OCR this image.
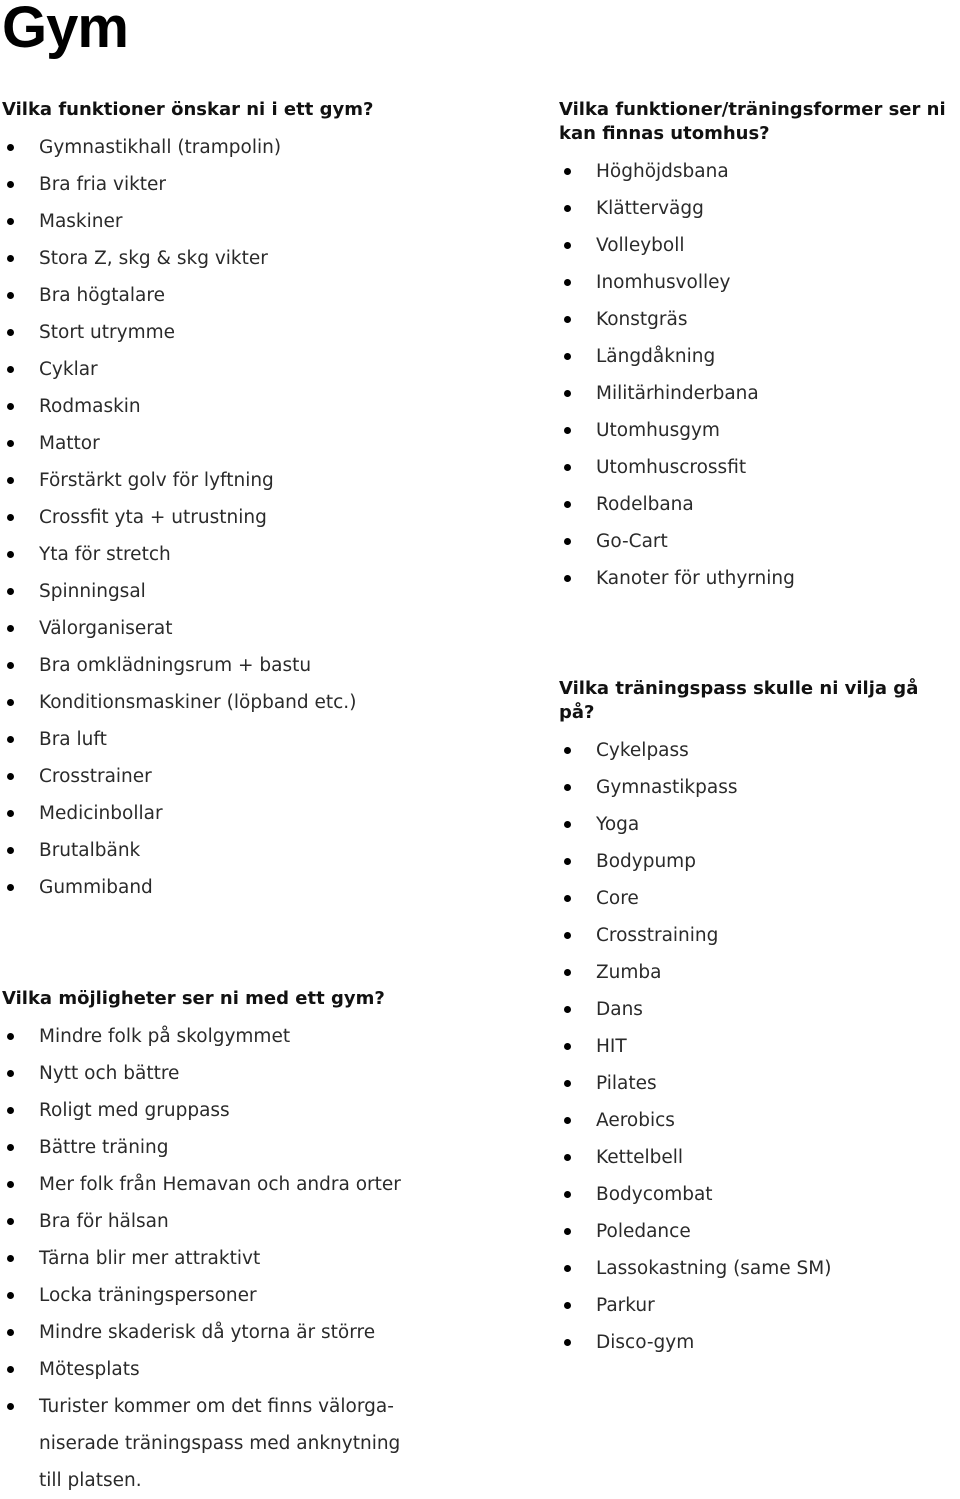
Gym
Vilka funktioner önskar ni i ett gym?
Gymnastikhall (trampolin)
Bra fria vikter
Maskiner
Stora Z, skg & skg vikter
Bra högtalare
Stort utrymme
Cyklar
Rodmaskin
Mattor
Förstärkt golv för lyftning
Crossfit yta + utrustning
Yta för stretch
Spinningsal
Välorganiserat
Bra omklädningsrum + bastu
Konditionsmaskiner (löpband etc.)
Bra luft
Crosstrainer
Medicinbollar
Brutalbänk
Gummiband
Vilka möjligheter ser ni med ett gym?
Mindre folk på skolgymmet
Nytt och bättre
Roligt med gruppass
Bättre träning
Mer folk från Hemavan och andra orter
Bra för hälsan
Tärna blir mer attraktivt
Locka träningspersoner
Mindre skaderisk då ytorna är större
Mötesplats
Turister kommer om det finns välorga-
niserade träningspass med anknytning
till platsen.
Vilka funktioner/träningsformer ser ni kan finnas utomhus?
Höghöjdsbana
Klättervägg
Volleyboll
Inomhusvolley
Konstgräs
Längdåkning
Militärhinderbana
Utomhusgym
Utomhuscrossfit
Rodelbana
Go-Cart
Kanoter för uthyrning
Vilka träningspass skulle ni vilja gå på?
Cykelpass
Gymnastikpass
Yoga
Bodypump
Core
Crosstraining
Zumba
Dans
HIT
Pilates
Aerobics
Kettelbell
Bodycombat
Poledance
Lassokastning (same SM)
Parkur
Disco-gym
